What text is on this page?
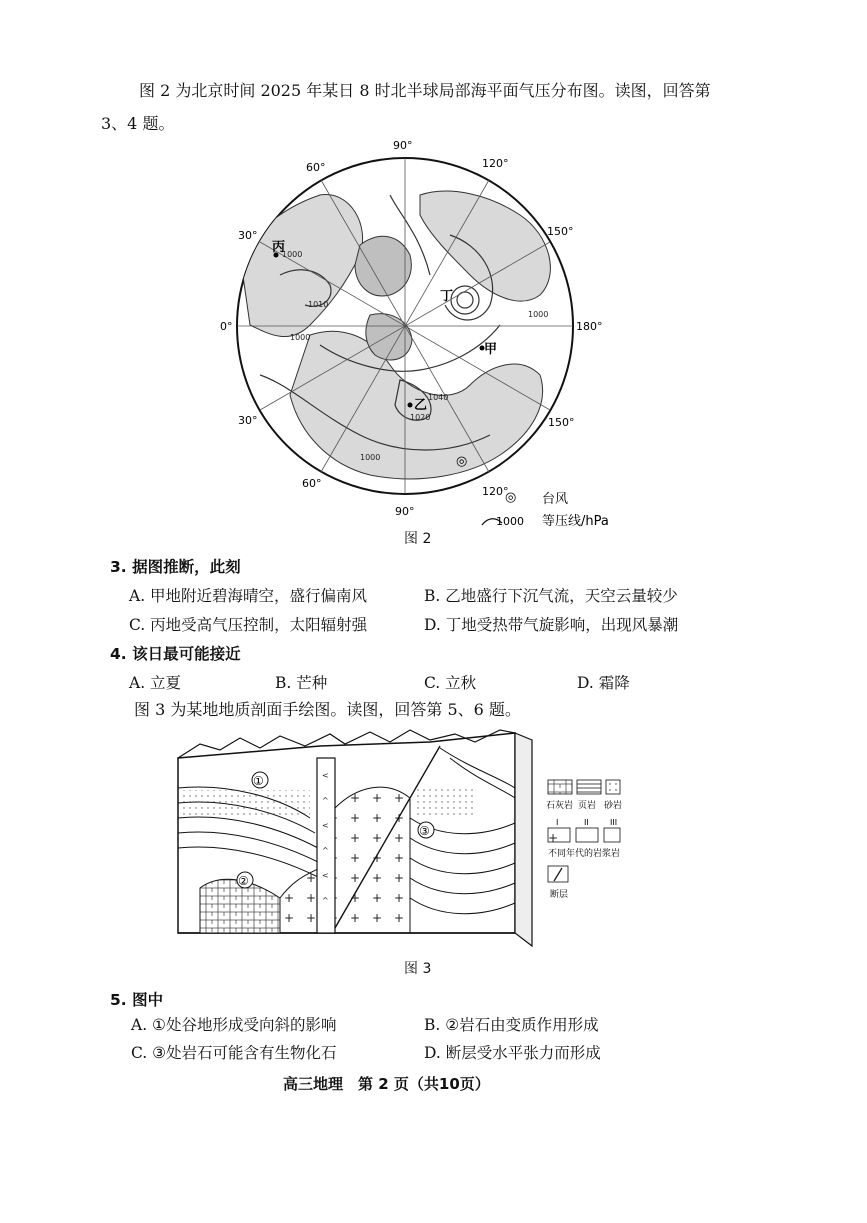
图 2 为北京时间 2025 年某日 8 时北半球局部海平面气压分布图。读图，回答第
3、4 题。
90°
60°	120°
30°	150°
0°	180°
30°	150°
60°
120°
90°
1000
1010
1000
1040
1020
1000
1000
丙
丁
甲
乙
◎
◎ 台风
1000 等压线/hPa
图 2
3. 据图推断，此刻
A. 甲地附近碧海晴空，盛行偏南风	B. 乙地盛行下沉气流，天空云量较少
C. 丙地受高气压控制，太阳辐射强	D. 丁地受热带气旋影响，出现风暴潮
4. 该日最可能接近
A. 立夏	B. 芒种	C. 立秋	D. 霜降
图 3 为某地地质剖面手绘图。读图，回答第 5、6 题。
<
^
<
^
<
^
①
②
③
石灰岩 页岩 砂岩
I	II	III
不同年代的岩浆岩
断层
图 3
5. 图中
A. ①处谷地形成受向斜的影响	B. ②岩石由变质作用形成
C. ③处岩石可能含有生物化石	D. 断层受水平张力而形成
高三地理　第 2 页（共10页）
